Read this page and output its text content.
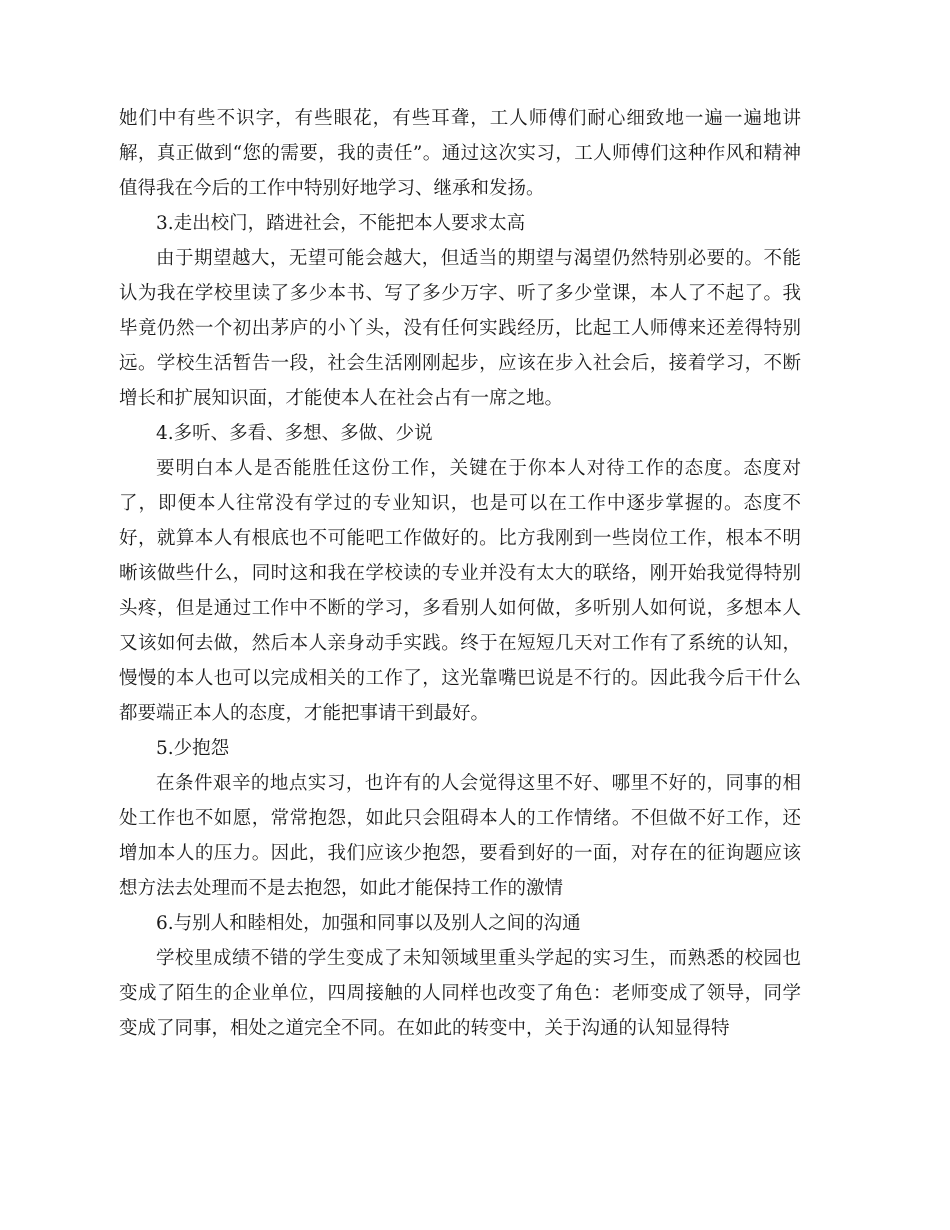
她们中有些不识字，有些眼花，有些耳聋，工人师傅们耐心细致地一遍一遍地讲解，真正做到“您的需要，我的责任”。通过这次实习，工人师傅们这种作风和精神值得我在今后的工作中特别好地学习、继承和发扬。

3.走出校门，踏进社会，不能把本人要求太高

由于期望越大，无望可能会越大，但适当的期望与渴望仍然特别必要的。不能认为我在学校里读了多少本书、写了多少万字、听了多少堂课，本人了不起了。我毕竟仍然一个初出茅庐的小丫头，没有任何实践经历，比起工人师傅来还差得特别远。学校生活暂告一段，社会生活刚刚起步，应该在步入社会后，接着学习，不断增长和扩展知识面，才能使本人在社会占有一席之地。

4.多听、多看、多想、多做、少说

要明白本人是否能胜任这份工作，关键在于你本人对待工作的态度。态度对了，即便本人往常没有学过的专业知识，也是可以在工作中逐步掌握的。态度不好，就算本人有根底也不可能吧工作做好的。比方我刚到一些岗位工作，根本不明晰该做些什么，同时这和我在学校读的专业并没有太大的联络，刚开始我觉得特别头疼，但是通过工作中不断的学习，多看别人如何做，多听别人如何说，多想本人又该如何去做，然后本人亲身动手实践。终于在短短几天对工作有了系统的认知，慢慢的本人也可以完成相关的工作了，这光靠嘴巴说是不行的。因此我今后干什么都要端正本人的态度，才能把事请干到最好。

5.少抱怨

在条件艰辛的地点实习，也许有的人会觉得这里不好、哪里不好的，同事的相处工作也不如愿，常常抱怨，如此只会阻碍本人的工作情绪。不但做不好工作，还增加本人的压力。因此，我们应该少抱怨，要看到好的一面，对存在的征询题应该想方法去处理而不是去抱怨，如此才能保持工作的激情

6.与别人和睦相处，加强和同事以及别人之间的沟通

学校里成绩不错的学生变成了未知领域里重头学起的实习生，而熟悉的校园也变成了陌生的企业单位，四周接触的人同样也改变了角色：老师变成了领导，同学变成了同事，相处之道完全不同。在如此的转变中，关于沟通的认知显得特
